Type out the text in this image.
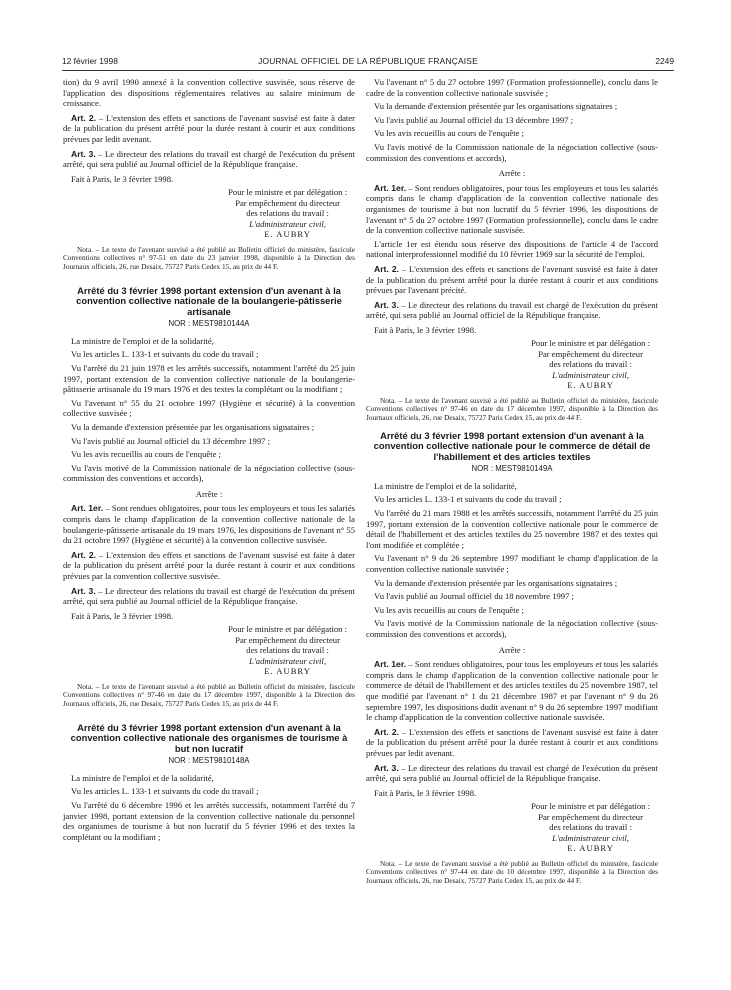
12 février 1998	JOURNAL OFFICIEL DE LA RÉPUBLIQUE FRANÇAISE	2249

tion) du 9 avril 1990 annexé à la convention collective susvisée, sous réserve de l'application des dispositions réglementaires relatives au salaire minimum de croissance.

Art. 2. – L'extension des effets et sanctions de l'avenant susvisé est faite à dater de la publication du présent arrêté pour la durée restant à courir et aux conditions prévues par ledit avenant.

Art. 3. – Le directeur des relations du travail est chargé de l'exécution du présent arrêté, qui sera publié au Journal officiel de la République française.

Fait à Paris, le 3 février 1998.

Pour le ministre et par délégation :
Par empêchement du directeur
des relations du travail :
L'administrateur civil,
E. AUBRY

Nota. – Le texte de l'avenant susvisé a été publié au Bulletin officiel du ministère, fascicule Conventions collectives n° 97-51 en date du 23 janvier 1998, disponible à la Direction des Journaux officiels, 26, rue Desaix, 75727 Paris Cedex 15, au prix de 44 F.

Arrêté du 3 février 1998 portant extension d'un avenant à la convention collective nationale de la boulangerie-pâtisserie artisanale
NOR : MEST9810144A

La ministre de l'emploi et de la solidarité,

Vu les articles L. 133-1 et suivants du code du travail ;

Vu l'arrêté du 21 juin 1978 et les arrêtés successifs, notamment l'arrêté du 25 juin 1997, portant extension de la convention collective nationale de la boulangerie-pâtisserie artisanale du 19 mars 1976 et des textes la complétant ou la modifiant ;

Vu l'avenant n° 55 du 21 octobre 1997 (Hygiène et sécurité) à la convention collective susvisée ;

Vu la demande d'extension présentée par les organisations signataires ;

Vu l'avis publié au Journal officiel du 13 décembre 1997 ;

Vu les avis recueillis au cours de l'enquête ;

Vu l'avis motivé de la Commission nationale de la négociation collective (sous-commission des conventions et accords),

Arrête :

Art. 1er. – Sont rendues obligatoires, pour tous les employeurs et tous les salariés compris dans le champ d'application de la convention collective nationale de la boulangerie-pâtisserie artisanale du 19 mars 1976, les dispositions de l'avenant n° 55 du 21 octobre 1997 (Hygiène et sécurité) à la convention collective susvisée.

Art. 2. – L'extension des effets et sanctions de l'avenant susvisé est faite à dater de la publication du présent arrêté pour la durée restant à courir et aux conditions prévues par la convention collective susvisée.

Art. 3. – Le directeur des relations du travail est chargé de l'exécution du présent arrêté, qui sera publié au Journal officiel de la République française.

Fait à Paris, le 3 février 1998.

Pour le ministre et par délégation :
Par empêchement du directeur
des relations du travail :
L'administrateur civil,
E. AUBRY

Nota. – Le texte de l'avenant susvisé a été publié au Bulletin officiel du ministère, fascicule Conventions collectives n° 97-46 en date du 17 décembre 1997, disponible à la Direction des Journaux officiels, 26, rue Desaix, 75727 Paris Cedex 15, au prix de 44 F.

Arrêté du 3 février 1998 portant extension d'un avenant à la convention collective nationale des organismes de tourisme à but non lucratif
NOR : MEST9810148A

La ministre de l'emploi et de la solidarité,

Vu les articles L. 133-1 et suivants du code du travail ;

Vu l'arrêté du 6 décembre 1996 et les arrêtés successifs, notamment l'arrêté du 7 janvier 1998, portant extension de la convention collective nationale du personnel des organismes de tourisme à but non lucratif du 5 février 1996 et des textes la complétant ou la modifiant ;

Vu l'avenant n° 5 du 27 octobre 1997 (Formation professionnelle), conclu dans le cadre de la convention collective nationale susvisée ;

Vu la demande d'extension présentée par les organisations signataires ;

Vu l'avis publié au Journal officiel du 13 décembre 1997 ;

Vu les avis recueillis au cours de l'enquête ;

Vu l'avis motivé de la Commission nationale de la négociation collective (sous-commission des conventions et accords),

Arrête :

Art. 1er. – Sont rendues obligatoires, pour tous les employeurs et tous les salariés compris dans le champ d'application de la convention collective nationale des organismes de tourisme à but non lucratif du 5 février 1996, les dispositions de l'avenant n° 5 du 27 octobre 1997 (Formation professionnelle), conclu dans le cadre de la convention collective nationale susvisée.

L'article 1er est étendu sous réserve des dispositions de l'article 4 de l'accord national interprofessionnel modifié du 10 février 1969 sur la sécurité de l'emploi.

Art. 2. – L'extension des effets et sanctions de l'avenant susvisé est faite à dater de la publication du présent arrêté pour la durée restant à courir et aux conditions prévues par l'avenant précité.

Art. 3. – Le directeur des relations du travail est chargé de l'exécution du présent arrêté, qui sera publié au Journal officiel de la République française.

Fait à Paris, le 3 février 1998.

Pour le ministre et par délégation :
Par empêchement du directeur
des relations du travail :
L'administrateur civil,
E. AUBRY

Nota. – Le texte de l'avenant susvisé a été publié au Bulletin officiel du ministère, fascicule Conventions collectives n° 97-46 en date du 17 décembre 1997, disponible à la Direction des Journaux officiels, 26, rue Desaix, 75727 Paris Cedex 15, au prix de 44 F.

Arrêté du 3 février 1998 portant extension d'un avenant à la convention collective nationale pour le commerce de détail de l'habillement et des articles textiles
NOR : MEST9810149A

La ministre de l'emploi et de la solidarité,

Vu les articles L. 133-1 et suivants du code du travail ;

Vu l'arrêté du 21 mars 1988 et les arrêtés successifs, notamment l'arrêté du 25 juin 1997, portant extension de la convention collective nationale pour le commerce de détail de l'habillement et des articles textiles du 25 novembre 1987 et des textes qui l'ont modifiée et complétée ;

Vu l'avenant n° 9 du 26 septembre 1997 modifiant le champ d'application de la convention collective nationale susvisée ;

Vu la demande d'extension présentée par les organisations signataires ;

Vu l'avis publié au Journal officiel du 18 novembre 1997 ;

Vu les avis recueillis au cours de l'enquête ;

Vu l'avis motivé de la Commission nationale de la négociation collective (sous-commission des conventions et accords),

Arrête :

Art. 1er. – Sont rendues obligatoires, pour tous les employeurs et tous les salariés compris dans le champ d'application de la convention collective nationale pour le commerce de détail de l'habillement et des articles textiles du 25 novembre 1987, tel que modifié par l'avenant n° 1 du 21 décembre 1987 et par l'avenant n° 9 du 26 septembre 1997, les dispositions dudit avenant n° 9 du 26 septembre 1997 modifiant le champ d'application de la convention collective nationale susvisée.

Art. 2. – L'extension des effets et sanctions de l'avenant susvisé est faite à dater de la publication du présent arrêté pour la durée restant à courir et aux conditions prévues par ledit avenant.

Art. 3. – Le directeur des relations du travail est chargé de l'exécution du présent arrêté, qui sera publié au Journal officiel de la République française.

Fait à Paris, le 3 février 1998.

Pour le ministre et par délégation :
Par empêchement du directeur
des relations du travail :
L'administrateur civil,
E. AUBRY

Nota. – Le texte de l'avenant susvisé a été publié au Bulletin officiel du ministère, fascicule Conventions collectives n° 97-44 en date du 10 décembre 1997, disponible à la Direction des Journaux officiels, 26, rue Desaix, 75727 Paris Cedex 15, au prix de 44 F.
